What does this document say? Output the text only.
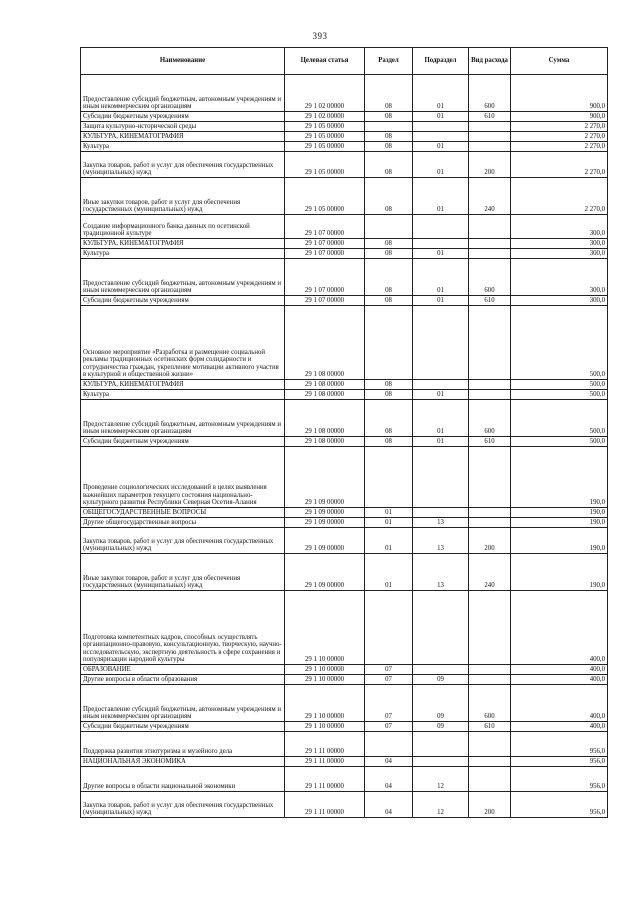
393
Наименование	Целевая статья	Раздел	Подраздел	Вид расхода	Сумма
Предоставление субсидий бюджетным, автономным учреждениям и иным некоммерческим организациям	29 1 02 00000	08	01	600	900,0
Субсидии бюджетным учреждениям	29 1 02 00000	08	01	610	900,0
Защита культурно-исторической среды	29 1 05 00000				2 270,0
КУЛЬТУРА, КИНЕМАТОГРАФИЯ	29 1 05 00000	08			2 270,0
Культура	29 1 05 00000	08	01		2 270,0
Закупка товаров, работ и услуг для обеспечения государственных (муниципальных) нужд	29 1 05 00000	08	01	200	2 270,0
Иные закупки товаров, работ и услуг для обеспечения государственных (муниципальных) нужд	29 1 05 00000	08	01	240	2 270,0
Создание информационного банка данных по осетинской традиционной культуре	29 1 07 00000				300,0
КУЛЬТУРА, КИНЕМАТОГРАФИЯ	29 1 07 00000	08			300,0
Культура	29 1 07 00000	08	01		300,0
Предоставление субсидий бюджетным, автономным учреждениям и иным некоммерческим организациям	29 1 07 00000	08	01	600	300,0
Субсидии бюджетным учреждениям	29 1 07 00000	08	01	610	300,0
Основное мероприятие «Разработка и размещение социальной рекламы традиционных осетинских форм солидарности и сотрудничества граждан, укрепление мотивации активного участия в культурной и общественной жизни»	29 1 08 00000				500,0
КУЛЬТУРА, КИНЕМАТОГРАФИЯ	29 1 08 00000	08			500,0
Культура	29 1 08 00000	08	01		500,0
Предоставление субсидий бюджетным, автономным учреждениям и иным некоммерческим организациям	29 1 08 00000	08	01	600	500,0
Субсидии бюджетным учреждениям	29 1 08 00000	08	01	610	500,0
Проведение социологических исследований в целях выявления важнейших параметров текущего состояния национально-культурного развития Республики Северная Осетия-Алания	29 1 09 00000				190,0
ОБЩЕГОСУДАРСТВЕННЫЕ ВОПРОСЫ	29 1 09 00000	01			190,0
Другие общегосударственные вопросы	29 1 09 00000	01	13		190,0
Закупка товаров, работ и услуг для обеспечения государственных (муниципальных) нужд	29 1 09 00000	01	13	200	190,0
Иные закупки товаров, работ и услуг для обеспечения государственных (муниципальных) нужд	29 1 09 00000	01	13	240	190,0
Подготовка компетентных кадров, способных осуществлять организационно-правовую, консультационную, творческую, научно-исследовательскую, экспертную деятельность в сфере сохранения и популяризации народной культуры	29 1 10 00000				400,0
ОБРАЗОВАНИЕ	29 1 10 00000	07			400,0
Другие вопросы в области образования	29 1 10 00000	07	09		400,0
Предоставление субсидий бюджетным, автономным учреждениям и иным некоммерческим организациям	29 1 10 00000	07	09	600	400,0
Субсидии бюджетным учреждениям	29 1 10 00000	07	09	610	400,0
Поддержка развития этнотуризма и музейного дела	29 1 11 00000				956,0
НАЦИОНАЛЬНАЯ ЭКОНОМИКА	29 1 11 00000	04			956,0
Другие вопросы в области национальной экономики	29 1 11 00000	04	12		956,0
Закупка товаров, работ и услуг для обеспечения государственных (муниципальных) нужд	29 1 11 00000	04	12	200	956,0
